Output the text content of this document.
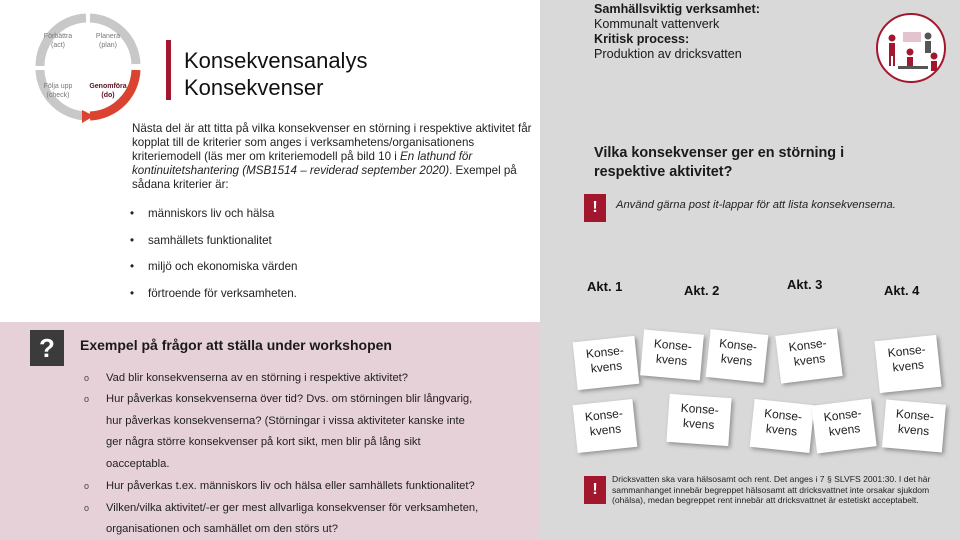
Förbättra
(act)
Planera
(plan)
Följa upp
(check)
Genomföra
(do)
Konsekvensanalys
Konsekvenser
Nästa del är att titta på vilka konsekvenser en störning i respektive aktivitet får kopplat till de kriterier som anges i verksamhetens/organisationens kriteriemodell (läs mer om kriteriemodell på bild 10 i En lathund för kontinuitetshantering (MSB1514 – reviderad september 2020). Exempel på sådana kriterier är:
• människors liv och hälsa
• samhällets funktionalitet
• miljö och ekonomiska värden
• förtroende för verksamheten.
?	Exempel på frågor att ställa under workshopen
o Vad blir konsekvenserna av en störning i respektive aktivitet?
o Hur påverkas konsekvenserna över tid? Dvs. om störningen blir långvarig,
hur påverkas konsekvenserna? (Störningar i vissa aktiviteter kanske inte
ger några större konsekvenser på kort sikt, men blir på lång sikt
oacceptabla.
o Hur påverkas t.ex. människors liv och hälsa eller samhällets funktionalitet?
o Vilken/vilka aktivitet/-er ger mest allvarliga konsekvenser för verksamheten,
organisationen och samhället om den störs ut?
Samhällsviktig verksamhet:
Kommunalt vattenverk
Kritisk process:
Produktion av dricksvatten
Vilka konsekvenser ger en störning i respektive aktivitet?
!	Använd gärna post it-lappar för att lista konsekvenserna.
Akt. 1	Akt. 2	Akt. 3	Akt. 4
Konse-
kvens
Konse-
kvens
Konse-
kvens
Konse-
kvens	Konse-
kvens
Konse-
kvens
Konse-
kvens	Konse-
kvens
Konse-
kvens
Konse-
kvens
!
Dricksvatten ska vara hälsosamt och rent. Det anges i 7 § SLVFS 2001:30. I det här sammanhanget innebär begreppet hälsosamt att dricksvattnet inte orsakar sjukdom (ohälsa), medan begreppet rent innebär att dricksvattnet är estetiskt acceptabelt.
